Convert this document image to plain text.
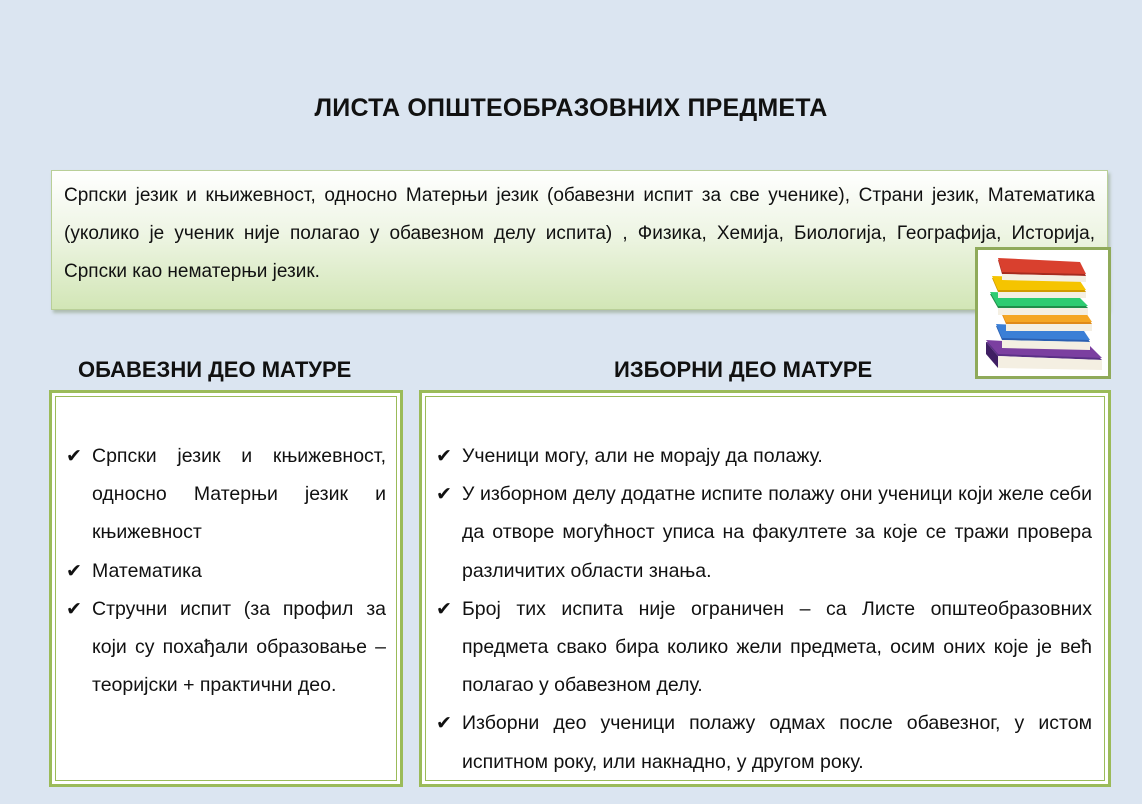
ЛИСТА ОПШТЕОБРАЗОВНИХ ПРЕДМЕТА

Српски језик и књижевност, односно Матерњи језик (обавезни испит за све ученике), Страни језик, Математика (уколико је ученик није полагао у обавезном делу испита) , Физика, Хемија, Биологија, Географија, Историја, Српски као нематерњи језик.

ОБАВЕЗНИ ДЕО МАТУРЕ	ИЗБОРНИ ДЕО МАТУРЕ
✔ Српски језик и књижевност, односно Матерњи језик и књижевност
✔ Математика
✔ Стручни испит (за профил за који су похађали образовање – теоријски + практични део.
✔ Ученици могу, али не морају да полажу.
✔ У изборном делу додатне испите полажу они ученици који желе себи да отворе могућност уписа на факултете за које се тражи провера различитих области знања.
✔ Број тих испита није ограничен – са Листе општеобразовних предмета свако бира колико жели предмета, осим оних које је већ полагао у обавезном делу.
✔ Изборни део ученици полажу одмах после обавезног, у истом испитном року, или накнадно, у другом року.
